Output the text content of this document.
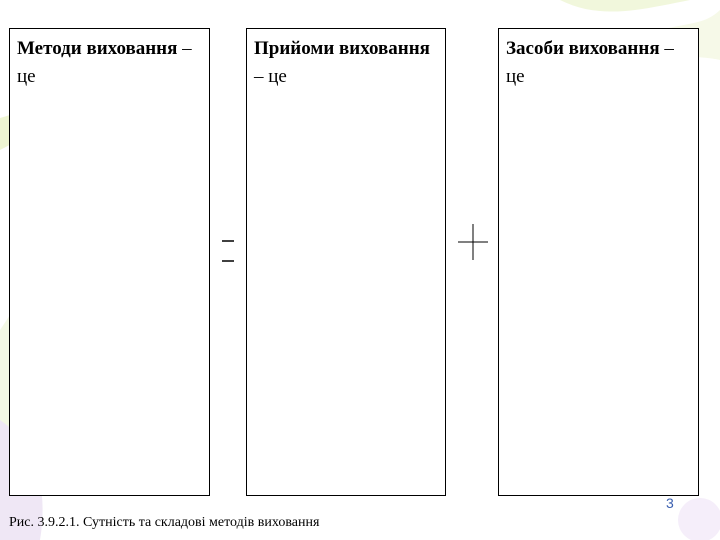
Методи виховання – це
Прийоми виховання – це
Засоби виховання – це
3
Рис. 3.9.2.1. Сутність та складові методів виховання
